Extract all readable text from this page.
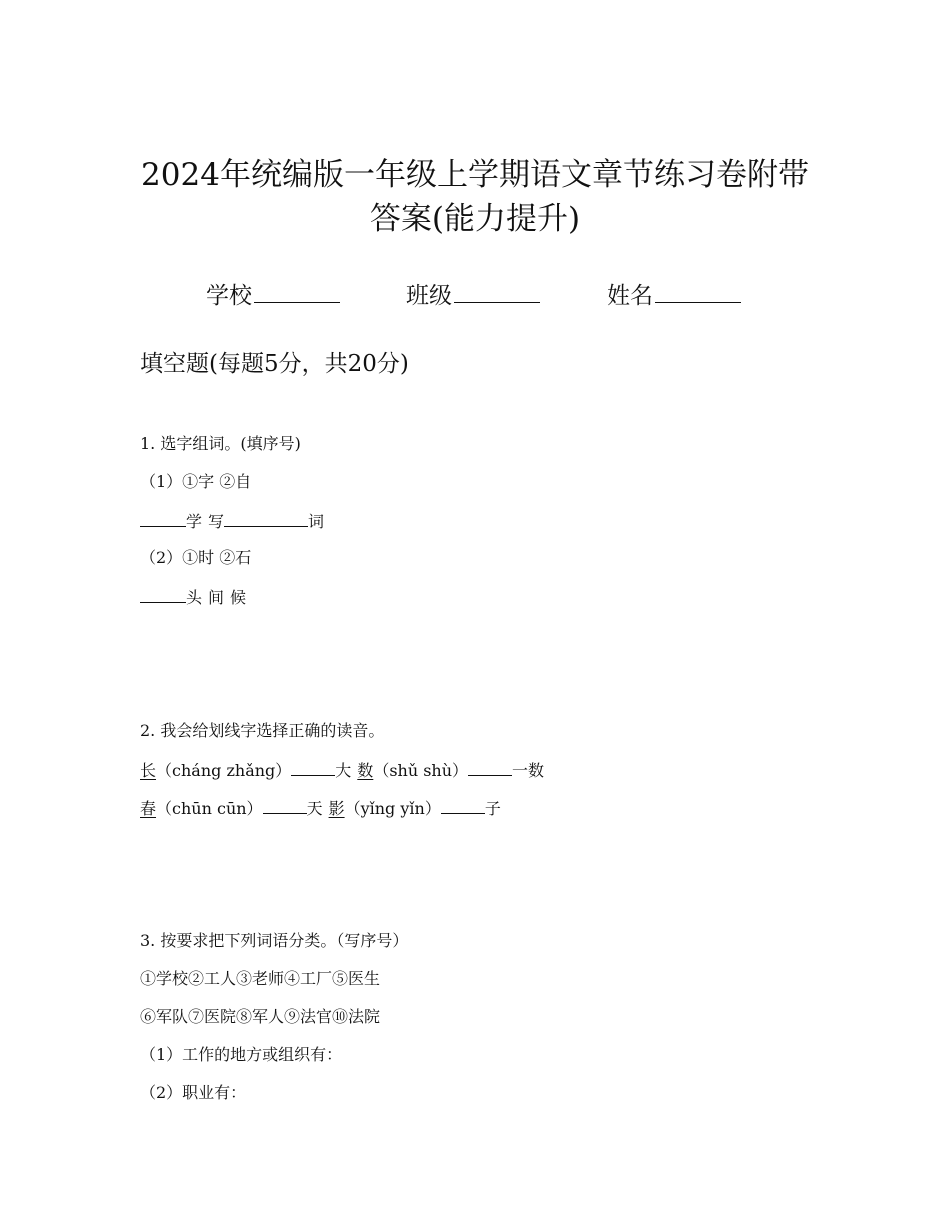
2024年统编版一年级上学期语文章节练习卷附带
答案(能力提升)
学校	班级	姓名
填空题(每题5分，共20分)
1. 选字组词。(填序号)
（1）①字 ②自
学 写	词
（2）①时 ②石
头 间 候
2. 我会给划线字选择正确的读音。
长（cháng zhǎng）	大 数（shǔ shù）	一数
春（chūn cūn）	天 影（yǐng yǐn）	子
3. 按要求把下列词语分类。（写序号）
①学校②工人③老师④工厂⑤医生
⑥军队⑦医院⑧军人⑨法官⑩法院
（1）工作的地方或组织有：
（2）职业有：
